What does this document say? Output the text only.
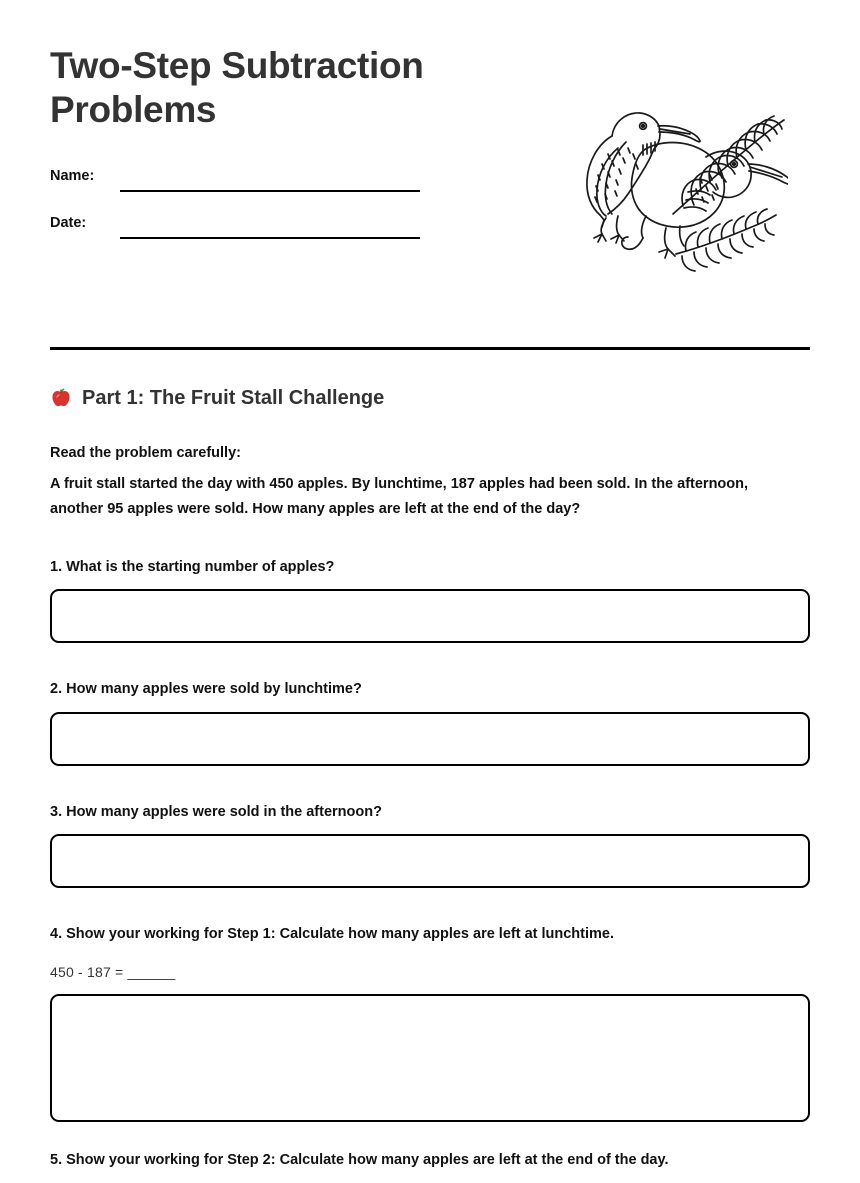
Two-Step Subtraction Problems
Name:
Date:
Part 1: The Fruit Stall Challenge
Read the problem carefully:

A fruit stall started the day with 450 apples. By lunchtime, 187 apples had been sold. In the afternoon, another 95 apples were sold. How many apples are left at the end of the day?

1. What is the starting number of apples?
2. How many apples were sold by lunchtime?
3. How many apples were sold in the afternoon?
4. Show your working for Step 1: Calculate how many apples are left at lunchtime.
450 - 187 = ______
5. Show your working for Step 2: Calculate how many apples are left at the end of the day.
